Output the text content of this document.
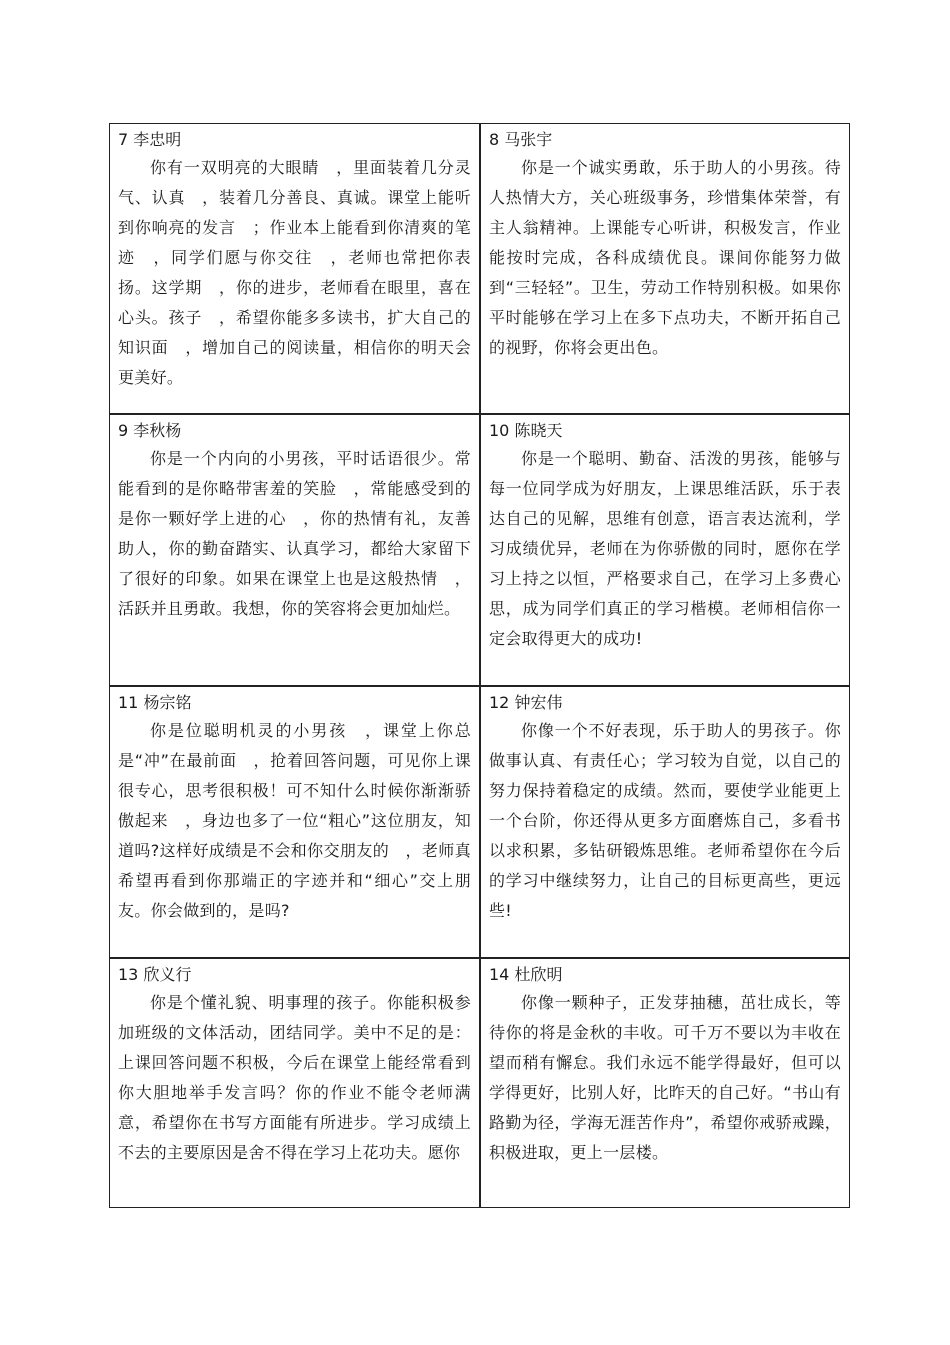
7 李忠明
你有一双明亮的大眼睛　，里面装着几分灵气、认真　，装着几分善良、真诚。课堂上能听到你响亮的发言　；作业本上能看到你清爽的笔迹　，同学们愿与你交往　，老师也常把你表扬。这学期　，你的进步，老师看在眼里，喜在心头。孩子　，希望你能多多读书，扩大自己的知识面　，增加自己的阅读量，相信你的明天会更美好。
8 马张宇
你是一个诚实勇敢，乐于助人的小男孩。待人热情大方，关心班级事务，珍惜集体荣誉，有主人翁精神。上课能专心听讲，积极发言，作业能按时完成，各科成绩优良。课间你能努力做到“三轻轻”。卫生，劳动工作特别积极。如果你平时能够在学习上在多下点功夫，不断开拓自己的视野，你将会更出色。
9 李秋杨
你是一个内向的小男孩，平时话语很少。常能看到的是你略带害羞的笑脸　，常能感受到的是你一颗好学上进的心　，你的热情有礼，友善助人，你的勤奋踏实、认真学习，都给大家留下了很好的印象。如果在课堂上也是这般热情　，活跃并且勇敢。我想，你的笑容将会更加灿烂。
10 陈晓天
你是一个聪明、勤奋、活泼的男孩，能够与每一位同学成为好朋友，上课思维活跃，乐于表达自己的见解，思维有创意，语言表达流利，学习成绩优异，老师在为你骄傲的同时，愿你在学习上持之以恒，严格要求自己，在学习上多费心思，成为同学们真正的学习楷模。老师相信你一定会取得更大的成功!
11 杨宗铭
你是位聪明机灵的小男孩　，课堂上你总是“冲”在最前面　，抢着回答问题，可见你上课很专心，思考很积极！可不知什么时候你渐渐骄傲起来　，身边也多了一位“粗心”这位朋友，知道吗?这样好成绩是不会和你交朋友的　，老师真希望再看到你那端正的字迹并和“细心”交上朋友。你会做到的，是吗?
12 钟宏伟
你像一个不好表现，乐于助人的男孩子。你做事认真、有责任心；学习较为自觉，以自己的努力保持着稳定的成绩。然而，要使学业能更上一个台阶，你还得从更多方面磨炼自己，多看书以求积累，多钻研锻炼思维。老师希望你在今后的学习中继续努力，让自己的目标更高些，更远些!
13 欣义行
你是个懂礼貌、明事理的孩子。你能积极参加班级的文体活动，团结同学。美中不足的是：上课回答问题不积极，今后在课堂上能经常看到你大胆地举手发言吗？你的作业不能令老师满意，希望你在书写方面能有所进步。学习成绩上不去的主要原因是舍不得在学习上花功夫。愿你
14 杜欣明
你像一颗种子，正发芽抽穗，茁壮成长，等待你的将是金秋的丰收。可千万不要以为丰收在望而稍有懈怠。我们永远不能学得最好，但可以学得更好，比别人好，比昨天的自己好。“书山有路勤为径，学海无涯苦作舟”，希望你戒骄戒躁，积极进取，更上一层楼。
